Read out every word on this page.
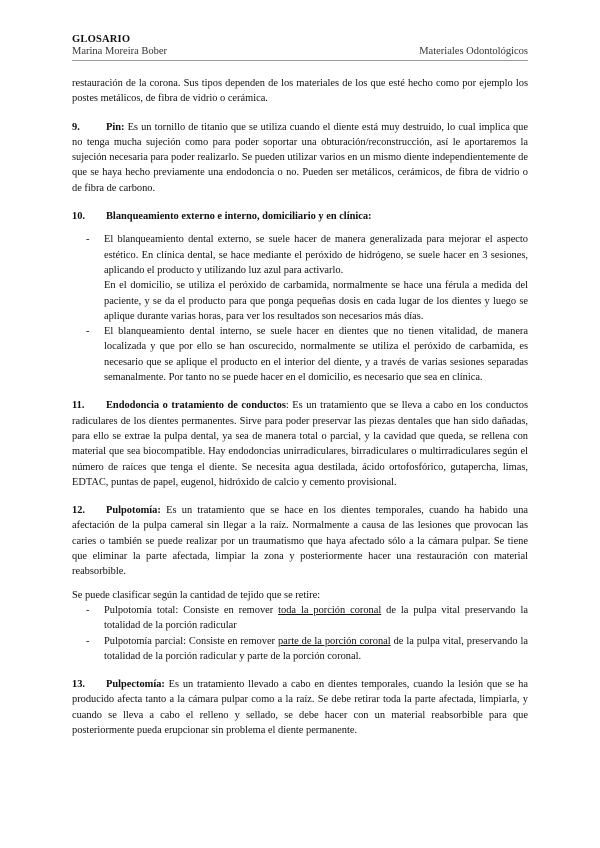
GLOSARIO
Marina Moreira Bober	Materiales Odontológicos

restauración de la corona. Sus tipos dependen de los materiales de los que esté hecho como por ejemplo los postes metálicos, de fibra de vidrio o cerámica.

9.	Pin: Es un tornillo de titanio que se utiliza cuando el diente está muy destruido, lo cual implica que no tenga mucha sujeción como para poder soportar una obturación/reconstrucción, así le aportaremos la sujeción necesaria para poder realizarlo. Se pueden utilizar varios en un mismo diente independientemente de que se haya hecho previamente una endodoncia o no. Pueden ser metálicos, cerámicos, de fibra de vidrio o de fibra de carbono.

10. Blanqueamiento externo e interno, domiciliario y en clínica:

- El blanqueamiento dental externo, se suele hacer de manera generalizada para mejorar el aspecto estético. En clínica dental, se hace mediante el peróxido de hidrógeno, se suele hacer en 3 sesiones, aplicando el producto y utilizando luz azul para activarlo.
En el domicilio, se utiliza el peróxido de carbamida, normalmente se hace una férula a medida del paciente, y se da el producto para que ponga pequeñas dosis en cada lugar de los dientes y luego se aplique durante varias horas, para ver los resultados son necesarios más días.
- El blanqueamiento dental interno, se suele hacer en dientes que no tienen vitalidad, de manera localizada y que por ello se han oscurecido, normalmente se utiliza el peróxido de carbamida, es necesario que se aplique el producto en el interior del diente, y a través de varias sesiones separadas semanalmente. Por tanto no se puede hacer en el domicilio, es necesario que sea en clínica.

11. Endodoncia o tratamiento de conductos: Es un tratamiento que se lleva a cabo en los conductos radiculares de los dientes permanentes. Sirve para poder preservar las piezas dentales que han sido dañadas, para ello se extrae la pulpa dental, ya sea de manera total o parcial, y la cavidad que queda, se rellena con material que sea biocompatible. Hay endodoncias unirradiculares, birradiculares o multirradiculares según el número de raíces que tenga el diente. Se necesita agua destilada, ácido ortofosfórico, gutapercha, limas, EDTAC, puntas de papel, eugenol, hidróxido de calcio y cemento provisional.

12. Pulpotomía: Es un tratamiento que se hace en los dientes temporales, cuando ha habido una afectación de la pulpa cameral sin llegar a la raíz. Normalmente a causa de las lesiones que provocan las caries o también se puede realizar por un traumatismo que haya afectado sólo a la cámara pulpar. Se tiene que eliminar la parte afectada, limpiar la zona y posteriormente hacer una restauración con material reabsorbible.

Se puede clasificar según la cantidad de tejido que se retire:

- Pulpotomía total: Consiste en remover toda la porción coronal de la pulpa vital preservando la totalidad de la porción radicular
- Pulpotomía parcial: Consiste en remover parte de la porción coronal de la pulpa vital, preservando la totalidad de la porción radicular y parte de la porción coronal.

13. Pulpectomía: Es un tratamiento llevado a cabo en dientes temporales, cuando la lesión que se ha producido afecta tanto a la cámara pulpar como a la raíz. Se debe retirar toda la parte afectada, limpiarla, y cuando se lleva a cabo el relleno y sellado, se debe hacer con un material reabsorbible para que posteriormente pueda erupcionar sin problema el diente permanente.
